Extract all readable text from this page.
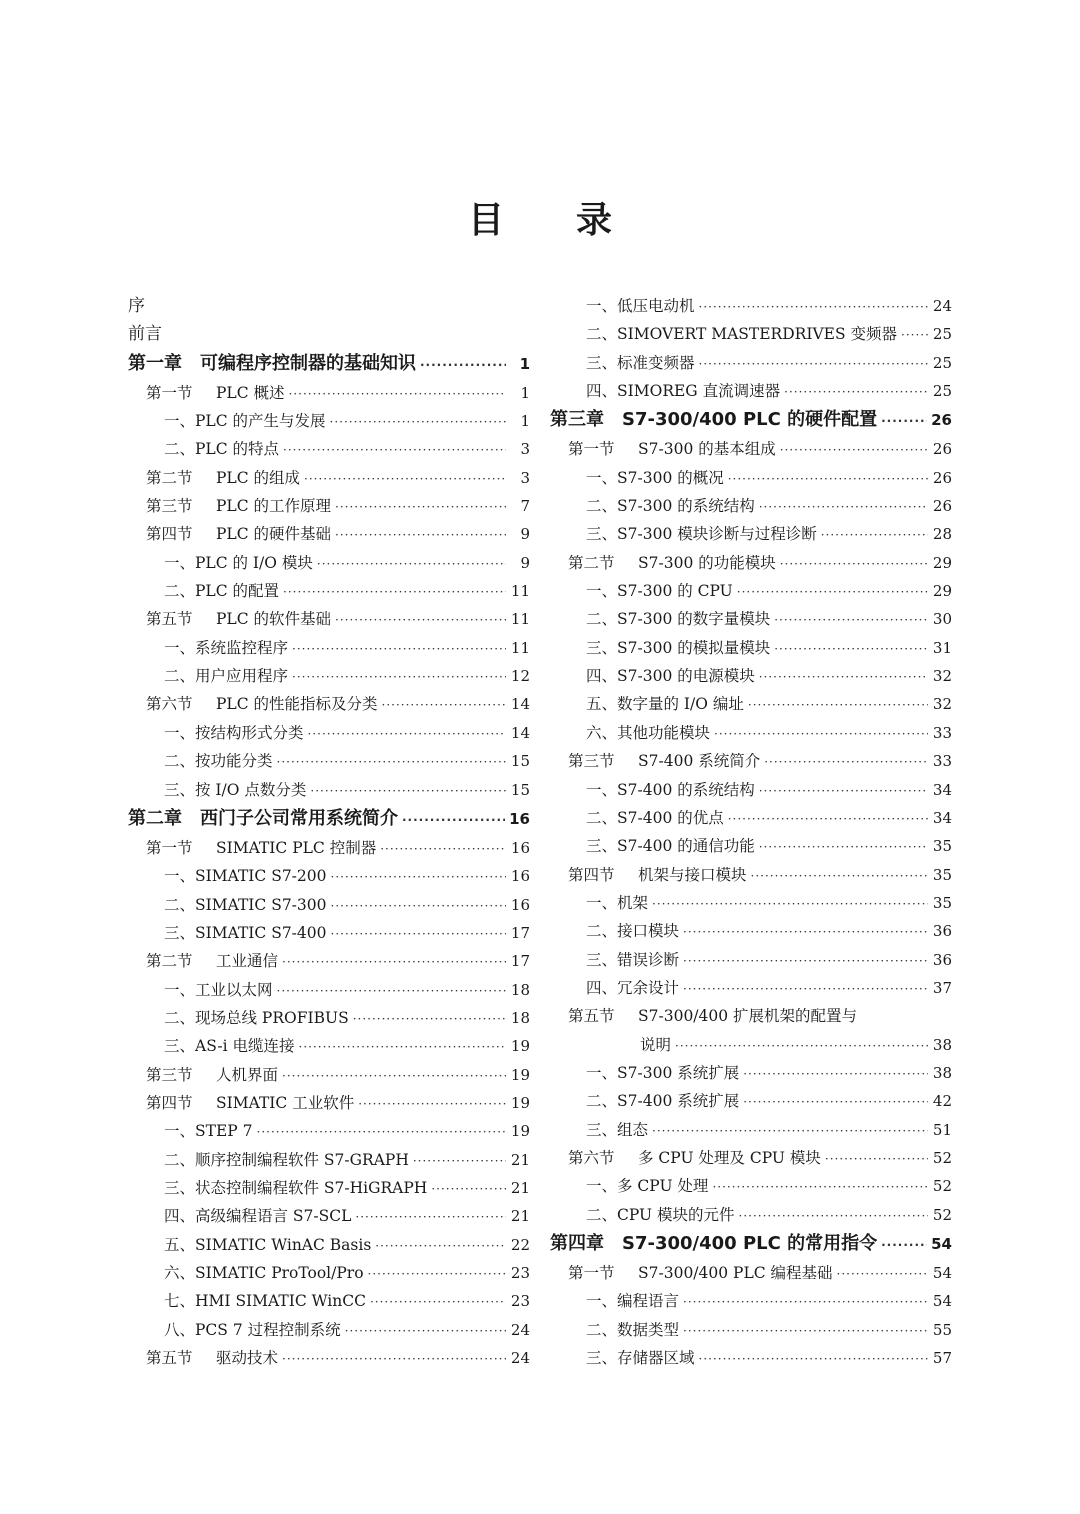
目 录
序
前言
第一章　可编程序控制器的基础知识 ·····	1
第一节 PLC 概述 ·····	1
一、PLC 的产生与发展 ·····	1
二、PLC 的特点 ·····	3
第二节 PLC 的组成 ·····	3
第三节 PLC 的工作原理 ·····	7
第四节 PLC 的硬件基础 ·····	9
一、PLC 的 I/O 模块 ·····	9
二、PLC 的配置 ·····	11
第五节 PLC 的软件基础 ·····	11
一、系统监控程序 ·····	11
二、用户应用程序 ·····	12
第六节 PLC 的性能指标及分类 ·····	14
一、按结构形式分类 ·····	14
二、按功能分类 ·····	15
三、按 I/O 点数分类 ·····	15
第二章　西门子公司常用系统简介 ·····	16
第一节 SIMATIC PLC 控制器 ·····	16
一、SIMATIC S7-200 ·····	16
二、SIMATIC S7-300 ·····	16
三、SIMATIC S7-400 ·····	17
第二节 工业通信 ·····	17
一、工业以太网 ·····	18
二、现场总线 PROFIBUS ·····	18
三、AS-i 电缆连接 ·····	19
第三节 人机界面 ·····	19
第四节 SIMATIC 工业软件 ·····	19
一、STEP 7 ·····	19
二、顺序控制编程软件 S7-GRAPH ·····	21
三、状态控制编程软件 S7-HiGRAPH ·····	21
四、高级编程语言 S7-SCL ·····	21
五、SIMATIC WinAC Basis ·····	22
六、SIMATIC ProTool/Pro ·····	23
七、HMI SIMATIC WinCC ·····	23
八、PCS 7 过程控制系统 ·····	24
第五节 驱动技术 ·····	24
一、低压电动机 ·····	24
二、SIMOVERT MASTERDRIVES 变频器 ····· 25
三、标准变频器 ·····	25
四、SIMOREG 直流调速器 ·····	25
第三章　S7-300/400 PLC 的硬件配置 ·····	26
第一节 S7-300 的基本组成 ·····	26
一、S7-300 的概况 ·····	26
二、S7-300 的系统结构 ·····	26
三、S7-300 模块诊断与过程诊断 ·····	28
第二节 S7-300 的功能模块 ·····	29
一、S7-300 的 CPU ·····	29
二、S7-300 的数字量模块 ·····	30
三、S7-300 的模拟量模块 ·····	31
四、S7-300 的电源模块 ·····	32
五、数字量的 I/O 编址 ·····	32
六、其他功能模块 ·····	33
第三节 S7-400 系统简介 ·····	33
一、S7-400 的系统结构 ·····	34
二、S7-400 的优点 ·····	34
三、S7-400 的通信功能 ·····	35
第四节 机架与接口模块 ·····	35
一、机架 ·····	35
二、接口模块 ·····	36
三、错误诊断 ·····	36
四、冗余设计 ·····	37
第五节 S7-300/400 扩展机架的配置与
说明 ·····	38
一、S7-300 系统扩展 ·····	38
二、S7-400 系统扩展 ·····	42
三、组态 ·····	51
第六节 多 CPU 处理及 CPU 模块 ·····	52
一、多 CPU 处理 ·····	52
二、CPU 模块的元件 ·····	52
第四章　S7-300/400 PLC 的常用指令 ·····	54
第一节 S7-300/400 PLC 编程基础 ·····	54
一、编程语言 ·····	54
二、数据类型 ·····	55
三、存储器区域 ·····	57
